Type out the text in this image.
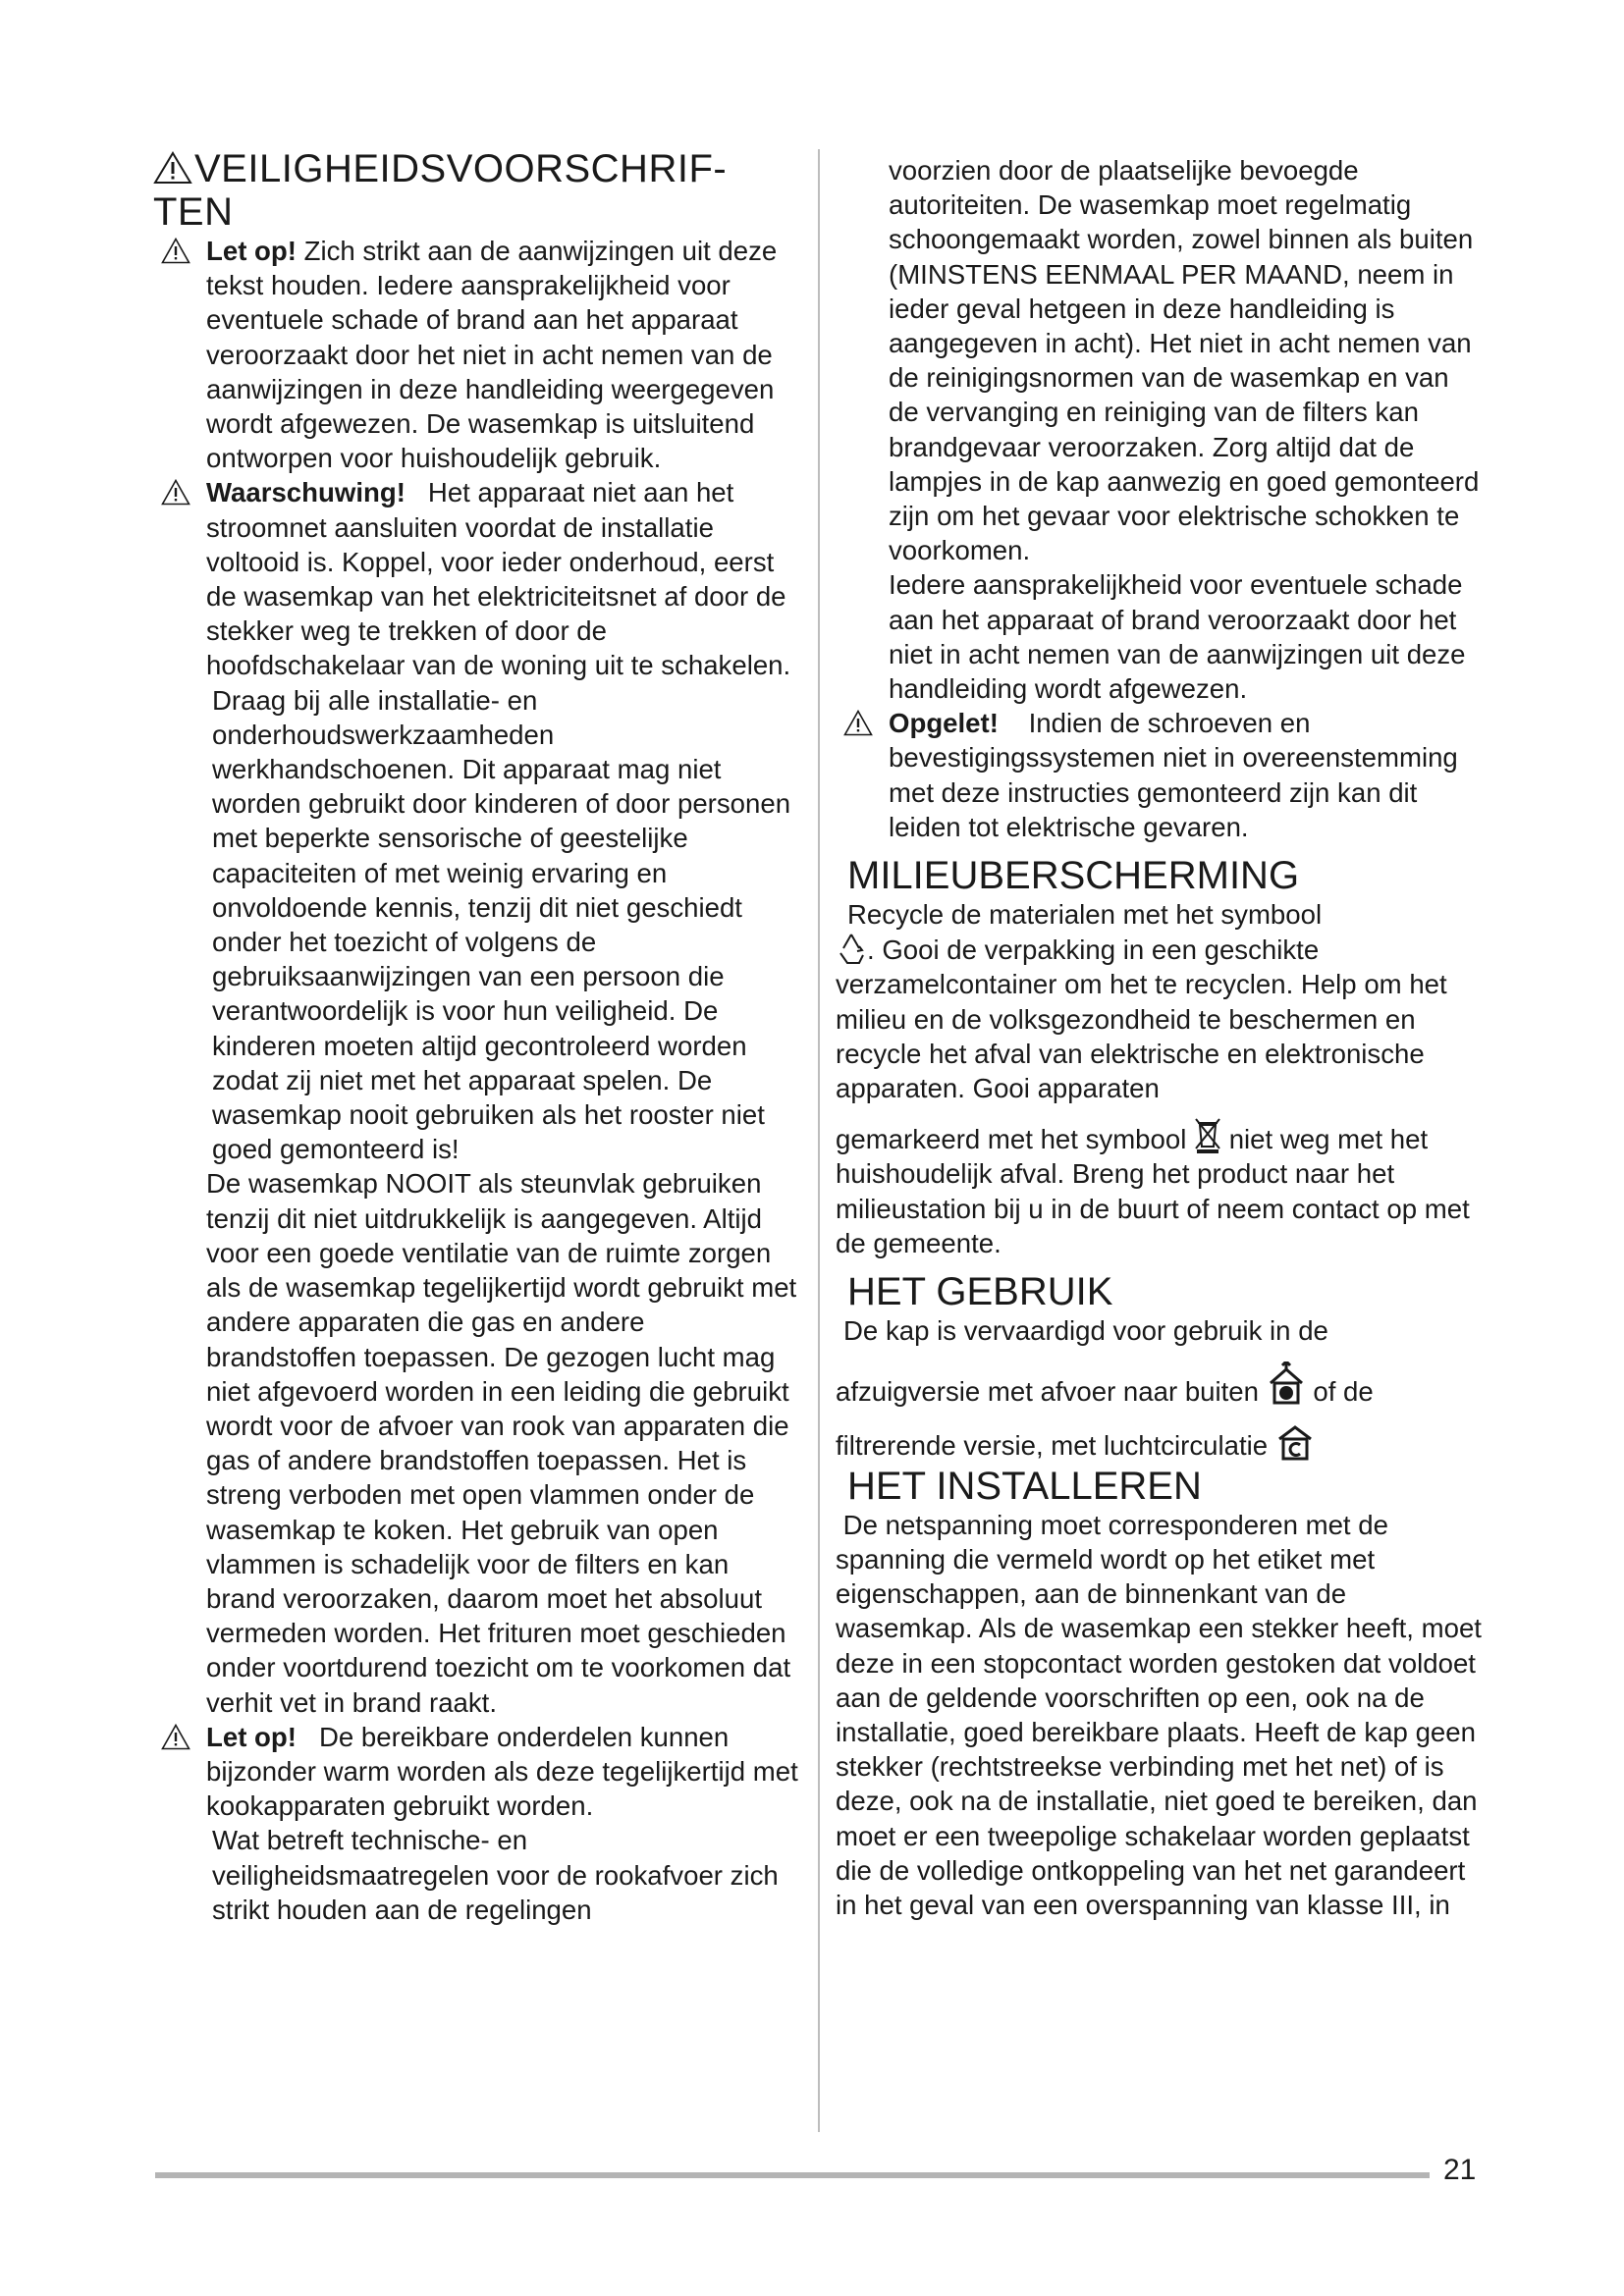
VEILIGHEIDSVOORSCHRIF-
TEN

Let op! Zich strikt aan de aanwijzingen uit deze tekst houden. Iedere aansprakelijkheid voor eventuele schade of brand aan het apparaat veroorzaakt door het niet in acht nemen van de aanwijzingen in deze handleiding weergegeven wordt afgewezen. De wasemkap is uitsluitend ontworpen voor huishoudelijk gebruik.

Waarschuwing! Het apparaat niet aan het stroomnet aansluiten voordat de installatie voltooid is. Koppel, voor ieder onderhoud, eerst de wasemkap van het elektriciteitsnet af door de stekker weg te trekken of door de hoofdschakelaar van de woning uit te schakelen.

Draag bij alle installatie- en onderhoudswerkzaamheden werkhandschoenen. Dit apparaat mag niet worden gebruikt door kinderen of door personen met beperkte sensorische of geestelijke capaciteiten of met weinig ervaring en onvoldoende kennis, tenzij dit niet geschiedt onder het toezicht of volgens de gebruiksaanwijzingen van een persoon die verantwoordelijk is voor hun veiligheid. De kinderen moeten altijd gecontroleerd worden zodat zij niet met het apparaat spelen. De wasemkap nooit gebruiken als het rooster niet goed gemonteerd is!

De wasemkap NOOIT als steunvlak gebruiken tenzij dit niet uitdrukkelijk is aangegeven. Altijd voor een goede ventilatie van de ruimte zorgen als de wasemkap tegelijkertijd wordt gebruikt met andere apparaten die gas en andere brandstoffen toepassen. De gezogen lucht mag niet afgevoerd worden in een leiding die gebruikt wordt voor de afvoer van rook van apparaten die gas of andere brandstoffen toepassen. Het is streng verboden met open vlammen onder de wasemkap te koken. Het gebruik van open vlammen is schadelijk voor de filters en kan brand veroorzaken, daarom moet het absoluut vermeden worden. Het frituren moet geschieden onder voortdurend toezicht om te voorkomen dat verhit vet in brand raakt.

Let op! De bereikbare onderdelen kunnen bijzonder warm worden als deze tegelijkertijd met kookapparaten gebruikt worden.

Wat betreft technische- en veiligheidsmaatregelen voor de rookafvoer zich strikt houden aan de regelingen

voorzien door de plaatselijke bevoegde autoriteiten. De wasemkap moet regelmatig schoongemaakt worden, zowel binnen als buiten (MINSTENS EENMAAL PER MAAND, neem in ieder geval hetgeen in deze handleiding is aangegeven in acht). Het niet in acht nemen van de reinigingsnormen van de wasemkap en van de vervanging en reiniging van de filters kan brandgevaar veroorzaken. Zorg altijd dat de lampjes in de kap aanwezig en goed gemonteerd zijn om het gevaar voor elektrische schokken te voorkomen.

Iedere aansprakelijkheid voor eventuele schade aan het apparaat of brand veroorzaakt door het niet in acht nemen van de aanwijzingen uit deze handleiding wordt afgewezen.

Opgelet! Indien de schroeven en bevestigingssystemen niet in overeenstemming met deze instructies gemonteerd zijn kan dit leiden tot elektrische gevaren.

MILIEUBERSCHERMING

Recycle de materialen met het symbool

. Gooi de verpakking in een geschikte verzamelcontainer om het te recyclen. Help om het milieu en de volksgezondheid te beschermen en recycle het afval van elektrische en elektronische apparaten. Gooi apparaten

gemarkeerd met het symbool niet weg met het huishoudelijk afval. Breng het product naar het milieustation bij u in de buurt of neem contact op met de gemeente.

HET GEBRUIK

De kap is vervaardigd voor gebruik in de

afzuigversie met afvoer naar buiten of de

filtrerende versie, met luchtcirculatie

HET INSTALLEREN

De netspanning moet corresponderen met de spanning die vermeld wordt op het etiket met eigenschappen, aan de binnenkant van de wasemkap. Als de wasemkap een stekker heeft, moet deze in een stopcontact worden gestoken dat voldoet aan de geldende voorschriften op een, ook na de installatie, goed bereikbare plaats. Heeft de kap geen stekker (rechtstreekse verbinding met het net) of is deze, ook na de installatie, niet goed te bereiken, dan moet er een tweepolige schakelaar worden geplaatst die de volledige ontkoppeling van het net garandeert in het geval van een overspanning van klasse III, in

21
